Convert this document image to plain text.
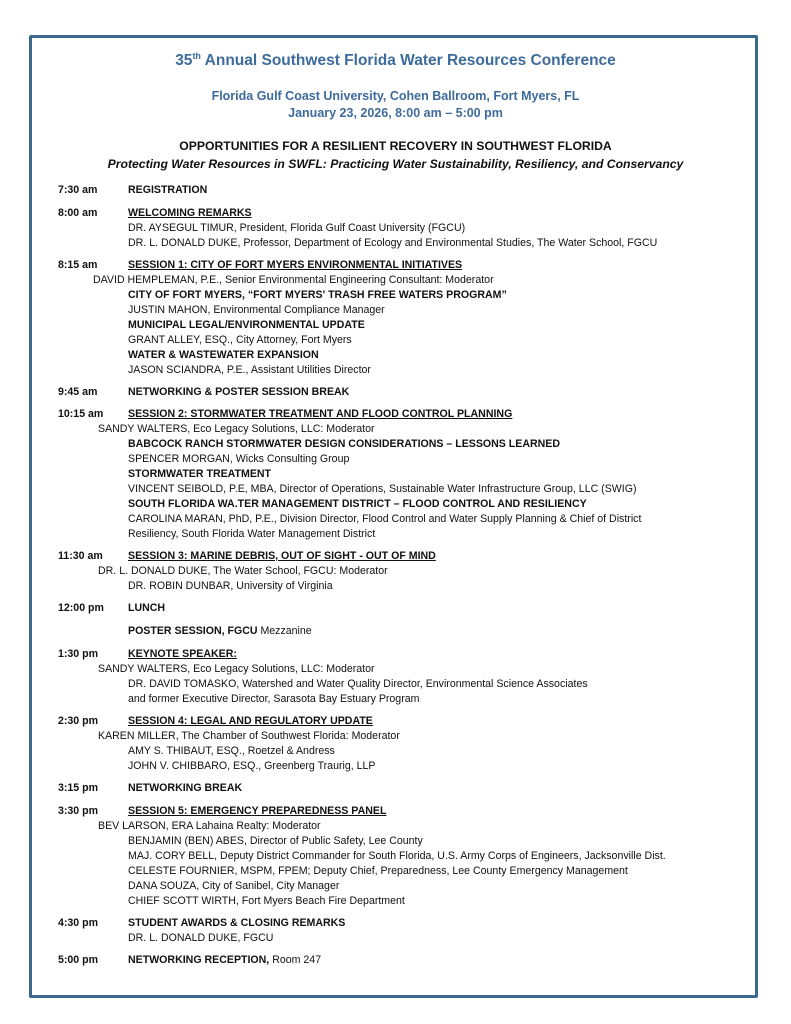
35th Annual Southwest Florida Water Resources Conference
Florida Gulf Coast University, Cohen Ballroom, Fort Myers, FL
January 23, 2026, 8:00 am – 5:00 pm
OPPORTUNITIES FOR A RESILIENT RECOVERY IN SOUTHWEST FLORIDA
Protecting Water Resources in SWFL: Practicing Water Sustainability, Resiliency, and Conservancy
7:30 am	REGISTRATION
8:00 am	WELCOMING REMARKS
DR. AYSEGUL TIMUR, President, Florida Gulf Coast University (FGCU)
DR. L. DONALD DUKE, Professor, Department of Ecology and Environmental Studies, The Water School, FGCU
8:15 am	SESSION 1: CITY OF FORT MYERS ENVIRONMENTAL INITIATIVES
DAVID HEMPLEMAN, P.E., Senior Environmental Engineering Consultant: Moderator
CITY OF FORT MYERS, “FORT MYERS' TRASH FREE WATERS PROGRAM”
JUSTIN MAHON, Environmental Compliance Manager
MUNICIPAL LEGAL/ENVIRONMENTAL UPDATE
GRANT ALLEY, ESQ., City Attorney, Fort Myers
WATER & WASTEWATER EXPANSION
JASON SCIANDRA, P.E., Assistant Utilities Director
9:45 am	NETWORKING & POSTER SESSION BREAK
10:15 am SESSION 2: STORMWATER TREATMENT AND FLOOD CONTROL PLANNING
SANDY WALTERS, Eco Legacy Solutions, LLC: Moderator
BABCOCK RANCH STORMWATER DESIGN CONSIDERATIONS – LESSONS LEARNED
SPENCER MORGAN, Wicks Consulting Group
STORMWATER TREATMENT
VINCENT SEIBOLD, P.E, MBA, Director of Operations, Sustainable Water Infrastructure Group, LLC (SWIG)
SOUTH FLORIDA WA.TER MANAGEMENT DISTRICT – FLOOD CONTROL AND RESILIENCY
CAROLINA MARAN, PhD, P.E., Division Director, Flood Control and Water Supply Planning & Chief of District
Resiliency, South Florida Water Management District
11:30 am SESSION 3: MARINE DEBRIS, OUT OF SIGHT - OUT OF MIND
DR. L. DONALD DUKE, The Water School, FGCU: Moderator
DR. ROBIN DUNBAR, University of Virginia
12:00 pm LUNCH
POSTER SESSION, FGCU Mezzanine
1:30 pm	KEYNOTE SPEAKER:
SANDY WALTERS, Eco Legacy Solutions, LLC: Moderator
DR. DAVID TOMASKO, Watershed and Water Quality Director, Environmental Science Associates
and former Executive Director, Sarasota Bay Estuary Program
2:30 pm	SESSION 4: LEGAL AND REGULATORY UPDATE
KAREN MILLER, The Chamber of Southwest Florida: Moderator
AMY S. THIBAUT, ESQ., Roetzel & Andress
JOHN V. CHIBBARO, ESQ., Greenberg Traurig, LLP
3:15 pm	NETWORKING BREAK
3:30 pm	SESSION 5: EMERGENCY PREPAREDNESS PANEL
BEV LARSON, ERA Lahaina Realty: Moderator
BENJAMIN (BEN) ABES, Director of Public Safety, Lee County
MAJ. CORY BELL, Deputy District Commander for South Florida, U.S. Army Corps of Engineers, Jacksonville Dist.
CELESTE FOURNIER, MSPM, FPEM; Deputy Chief, Preparedness, Lee County Emergency Management
DANA SOUZA, City of Sanibel, City Manager
CHIEF SCOTT WIRTH, Fort Myers Beach Fire Department
4:30 pm	STUDENT AWARDS & CLOSING REMARKS
DR. L. DONALD DUKE, FGCU
5:00 pm	NETWORKING RECEPTION, Room 247
